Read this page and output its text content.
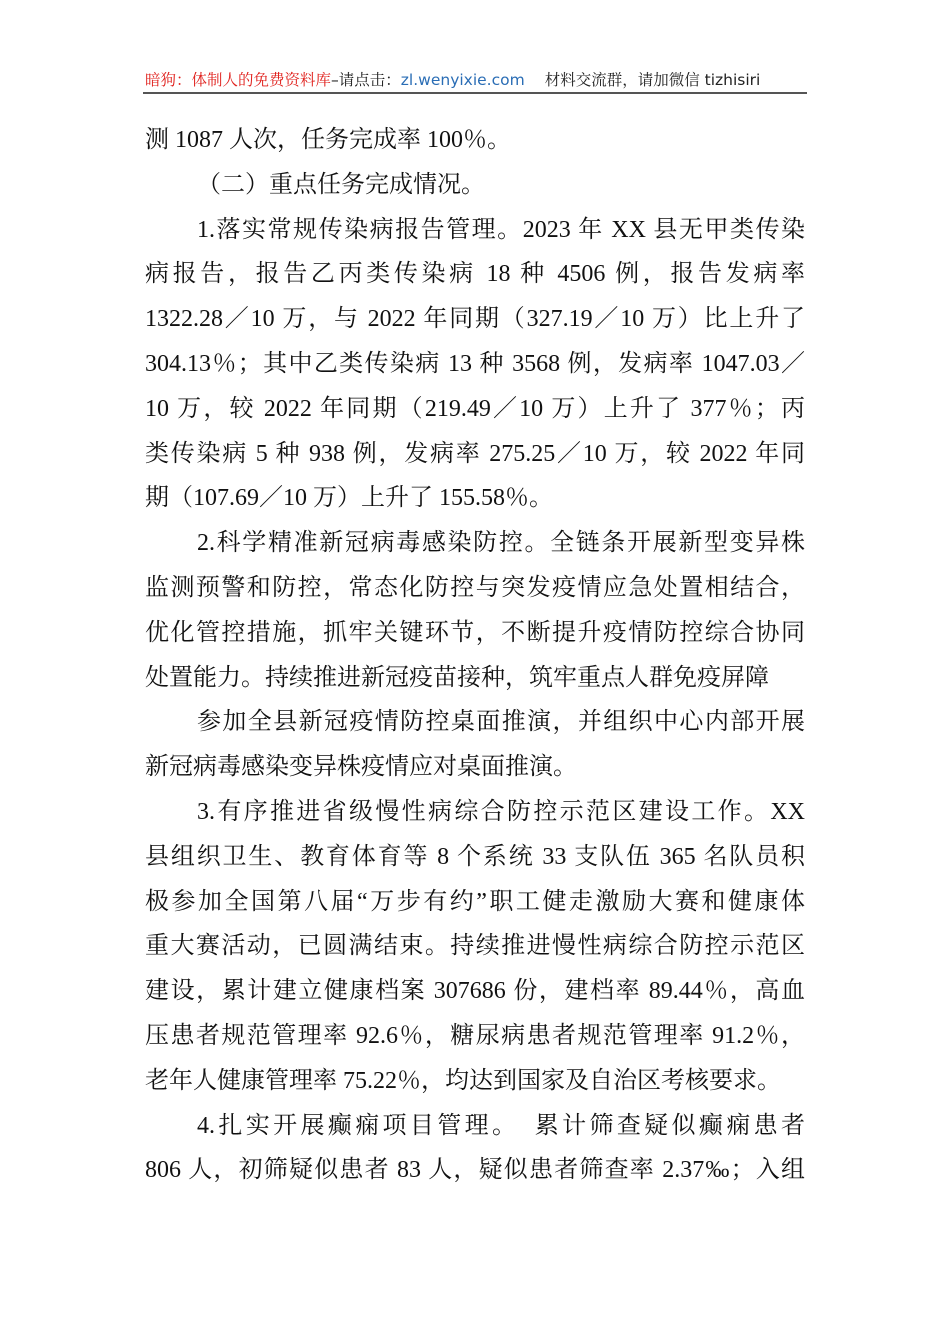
暗狗：体制人的免费资料库 –请点击： zl.wenyixie.com 材料交流群，请加微信 tizhisiri
测 1087 人次，任务完成率 100％。
（二）重点任务完成情况。
1.落实常规传染病报告管理。2023 年 XX 县无甲类传染
病报告，报告乙丙类传染病 18 种 4506 例，报告发病率
1322.28／10 万，与 2022 年同期（327.19／10 万）比上升了
304.13％；其中乙类传染病 13 种 3568 例，发病率 1047.03／
10 万，较 2022 年同期（219.49／10 万）上升了 377％；丙
类传染病 5 种 938 例，发病率 275.25／10 万，较 2022 年同
期（107.69／10 万）上升了 155.58％。
2.科学精准新冠病毒感染防控。全链条开展新型变异株
监测预警和防控，常态化防控与突发疫情应急处置相结合，
优化管控措施，抓牢关键环节，不断提升疫情防控综合协同
处置能力。持续推进新冠疫苗接种，筑牢重点人群免疫屏障
参加全县新冠疫情防控桌面推演，并组织中心内部开展
新冠病毒感染变异株疫情应对桌面推演。
3.有序推进省级慢性病综合防控示范区建设工作。XX
县组织卫生、教育体育等 8 个系统 33 支队伍 365 名队员积
极参加全国第八届“万步有约”职工健走激励大赛和健康体
重大赛活动，已圆满结束。持续推进慢性病综合防控示范区
建设，累计建立健康档案 307686 份，建档率 89.44％，高血
压患者规范管理率 92.6％，糖尿病患者规范管理率 91.2％，
老年人健康管理率 75.22％，均达到国家及自治区考核要求。
4.扎实开展癫痫项目管理。　累计筛查疑似癫痫患者
806 人，初筛疑似患者 83 人，疑似患者筛查率 2.37‰；入组
